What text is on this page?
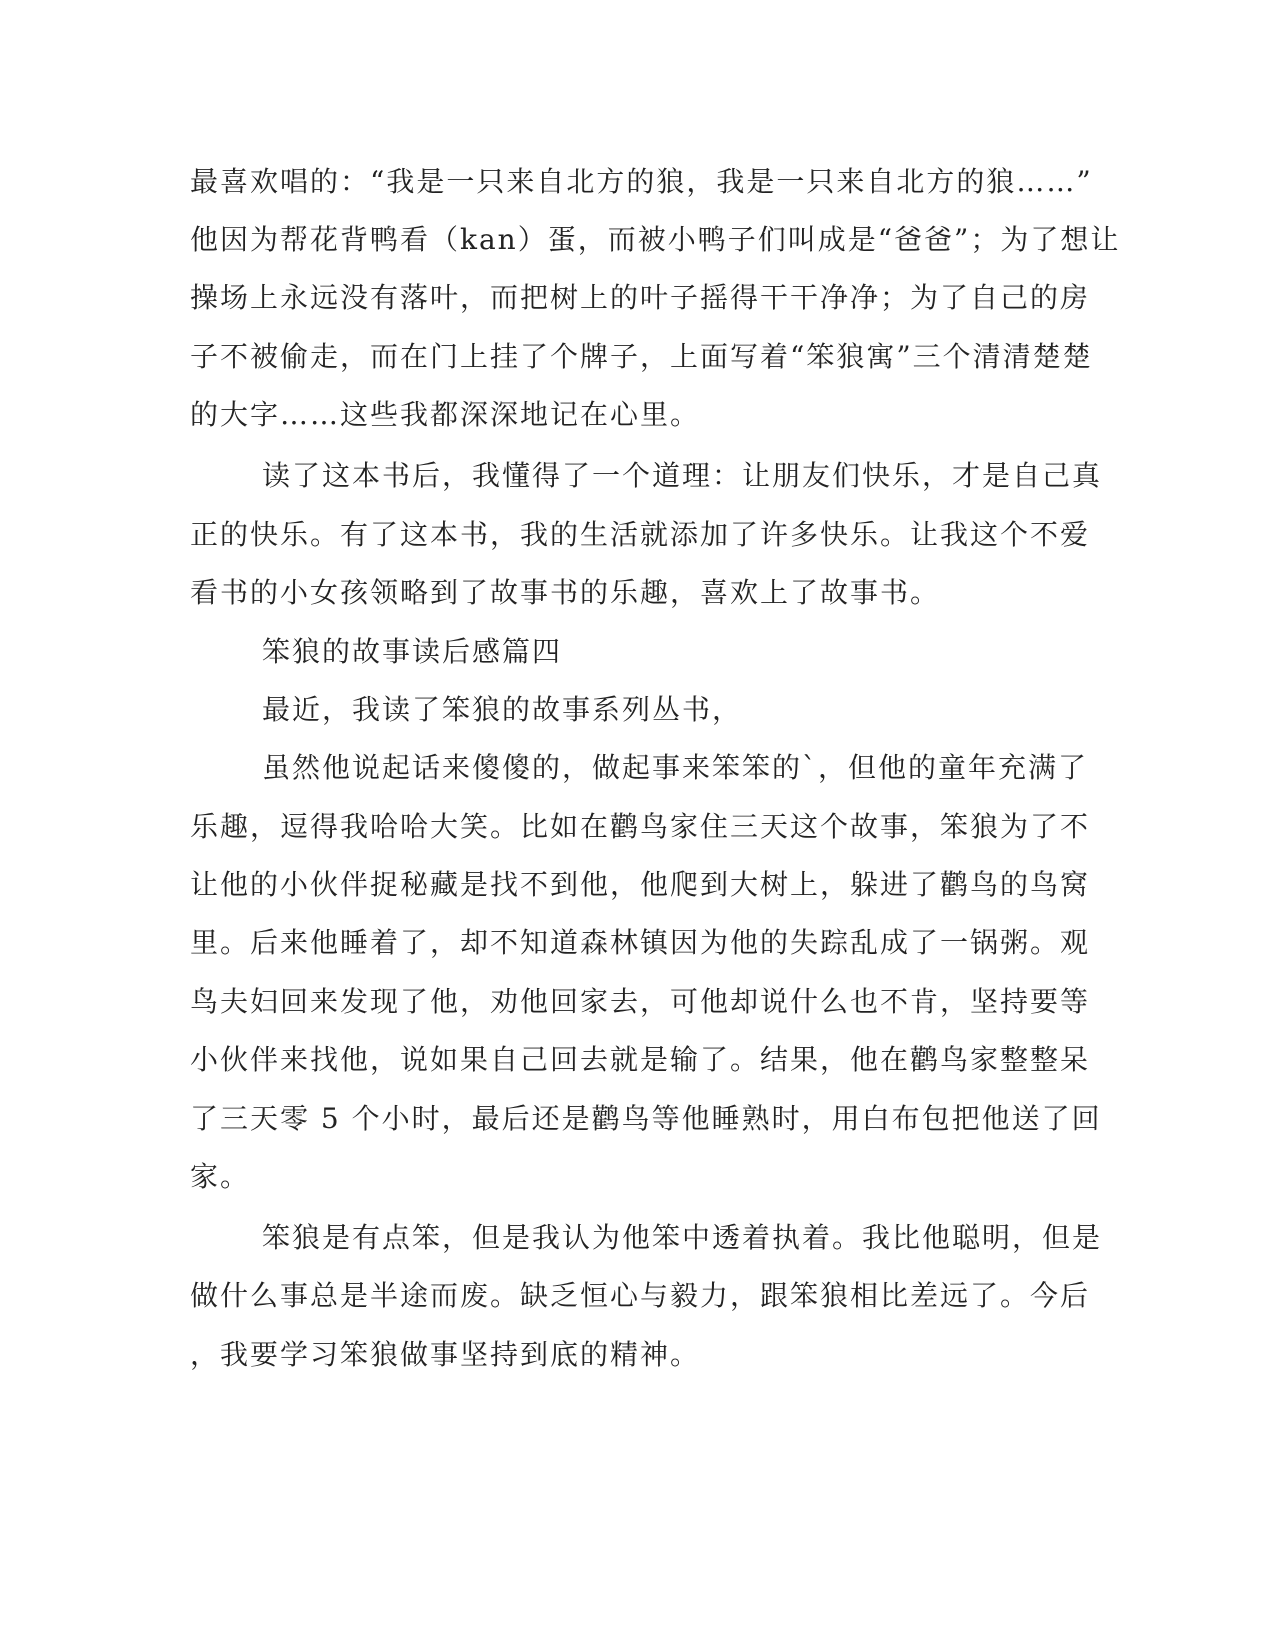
最喜欢唱的：“我是一只来自北方的狼，我是一只来自北方的狼……”
他因为帮花背鸭看（kan）蛋，而被小鸭子们叫成是“爸爸”；为了想让
操场上永远没有落叶，而把树上的叶子摇得干干净净；为了自己的房
子不被偷走，而在门上挂了个牌子，上面写着“笨狼寓”三个清清楚楚
的大字……这些我都深深地记在心里。
读了这本书后，我懂得了一个道理：让朋友们快乐，才是自己真
正的快乐。有了这本书，我的生活就添加了许多快乐。让我这个不爱
看书的小女孩领略到了故事书的乐趣，喜欢上了故事书。
笨狼的故事读后感篇四
最近，我读了笨狼的故事系列丛书，
虽然他说起话来傻傻的，做起事来笨笨的`，但他的童年充满了
乐趣，逗得我哈哈大笑。比如在鹳鸟家住三天这个故事，笨狼为了不
让他的小伙伴捉秘藏是找不到他，他爬到大树上，躲进了鹳鸟的鸟窝
里。后来他睡着了，却不知道森林镇因为他的失踪乱成了一锅粥。观
鸟夫妇回来发现了他，劝他回家去，可他却说什么也不肯，坚持要等
小伙伴来找他，说如果自己回去就是输了。结果，他在鹳鸟家整整呆
了三天零 5 个小时，最后还是鹳鸟等他睡熟时，用白布包把他送了回
家。
笨狼是有点笨，但是我认为他笨中透着执着。我比他聪明，但是
做什么事总是半途而废。缺乏恒心与毅力，跟笨狼相比差远了。今后
，我要学习笨狼做事坚持到底的精神。
